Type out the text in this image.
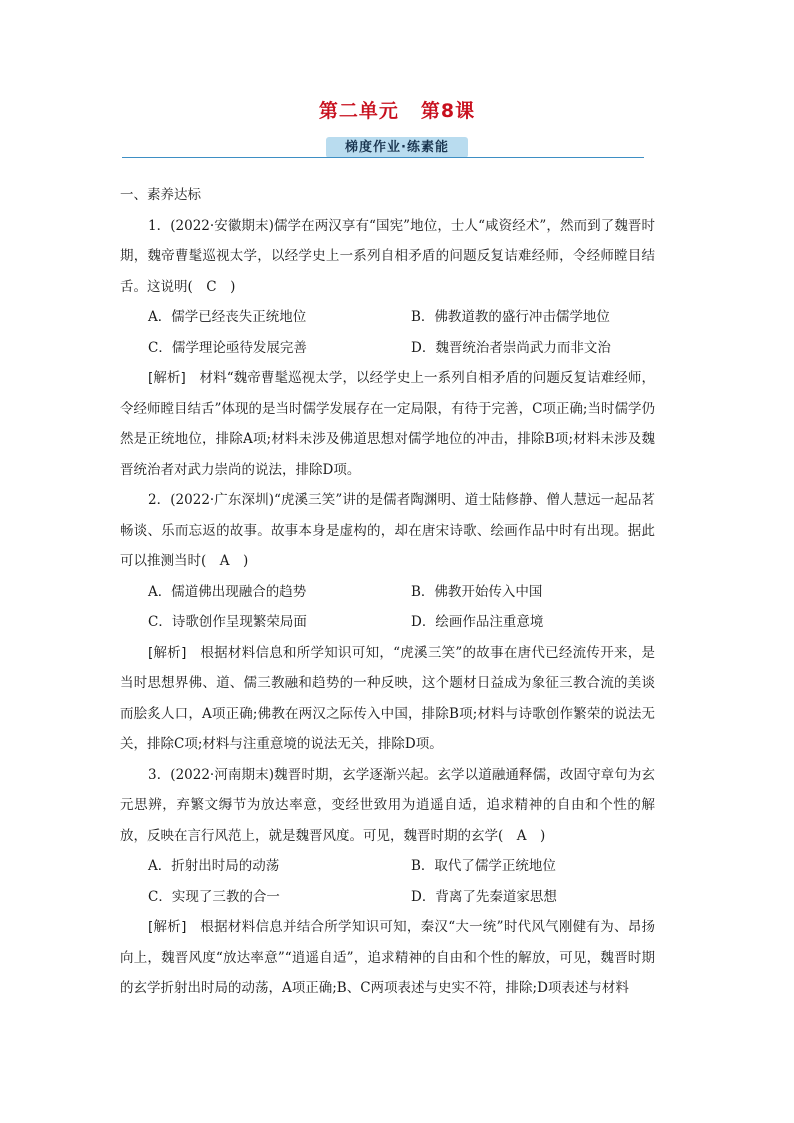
第二单元 第8课
梯度作业·练素能

一、素养达标

1．(2022·安徽期末)儒学在两汉享有“国宪”地位，士人“咸资经术”，然而到了魏晋时期，魏帝曹髦巡视太学，以经学史上一系列自相矛盾的问题反复诘难经师，令经师瞠目结舌。这说明(　C　)

A．儒学已经丧失正统地位	B．佛教道教的盛行冲击儒学地位
C．儒学理论亟待发展完善	D．魏晋统治者崇尚武力而非文治

[解析]　 材料“魏帝曹髦巡视太学，以经学史上一系列自相矛盾的问题反复诘难经师，令经师瞠目结舌”体现的是当时儒学发展存在一定局限，有待于完善，C项正确;当时儒学仍然是正统地位，排除A项;材料未涉及佛道思想对儒学地位的冲击，排除B项;材料未涉及魏晋统治者对武力崇尚的说法，排除D项。

2．(2022·广东深圳)“虎溪三笑”讲的是儒者陶渊明、道士陆修静、僧人慧远一起品茗畅谈、乐而忘返的故事。故事本身是虚构的，却在唐宋诗歌、绘画作品中时有出现。据此可以推测当时(　A　)

A．儒道佛出现融合的趋势	B．佛教开始传入中国
C．诗歌创作呈现繁荣局面	D．绘画作品注重意境

[解析]　 根据材料信息和所学知识可知，“虎溪三笑”的故事在唐代已经流传开来，是当时思想界佛、道、儒三教融和趋势的一种反映，这个题材日益成为象征三教合流的美谈而脍炙人口，A项正确;佛教在两汉之际传入中国，排除B项;材料与诗歌创作繁荣的说法无关，排除C项;材料与注重意境的说法无关，排除D项。

3．(2022·河南期末)魏晋时期，玄学逐渐兴起。玄学以道融通释儒，改固守章句为玄元思辨，弃繁文缛节为放达率意，变经世致用为逍遥自适，追求精神的自由和个性的解放，反映在言行风范上，就是魏晋风度。可见，魏晋时期的玄学(　A　)

A．折射出时局的动荡	B．取代了儒学正统地位
C．实现了三教的合一	D．背离了先秦道家思想

[解析]　 根据材料信息并结合所学知识可知，秦汉“大一统”时代风气刚健有为、昂扬向上，魏晋风度“放达率意”“逍遥自适”，追求精神的自由和个性的解放，可见，魏晋时期的玄学折射出时局的动荡，A项正确;B、C两项表述与史实不符，排除;D项表述与材料
